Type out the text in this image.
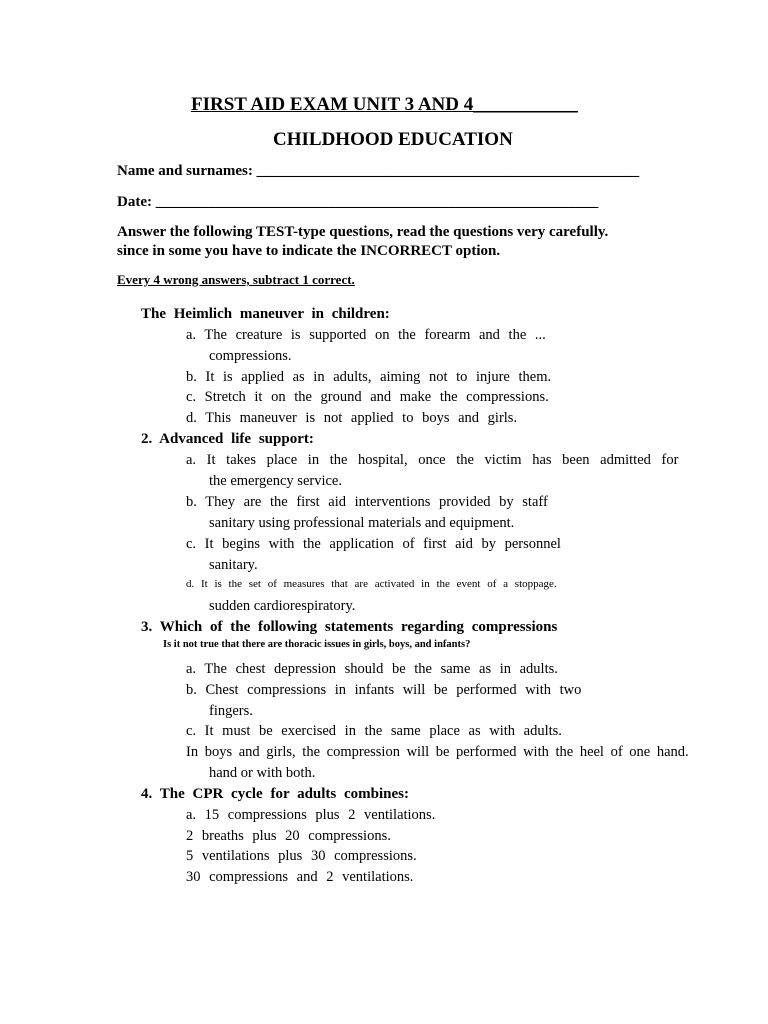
FIRST AID EXAM UNIT 3 AND 4___________
CHILDHOOD EDUCATION
Name and surnames: ___________________________________________________
Date: ___________________________________________________________
Answer the following TEST-type questions, read the questions very carefully.
since in some you have to indicate the INCORRECT option.
Every 4 wrong answers, subtract 1 correct.
The Heimlich maneuver in children:
a. The creature is supported on the forearm and the ...
compressions.
b. It is applied as in adults, aiming not to injure them.
c. Stretch it on the ground and make the compressions.
d. This maneuver is not applied to boys and girls.
2. Advanced life support:
a. It takes place in the hospital, once the victim has been admitted for
the emergency service.
b. They are the first aid interventions provided by staff
sanitary using professional materials and equipment.
c. It begins with the application of first aid by personnel
sanitary.
d. It is the set of measures that are activated in the event of a stoppage.
sudden cardiorespiratory.
3. Which of the following statements regarding compressions
Is it not true that there are thoracic issues in girls, boys, and infants?
a. The chest depression should be the same as in adults.
b. Chest compressions in infants will be performed with two
fingers.
c. It must be exercised in the same place as with adults.
In boys and girls, the compression will be performed with the heel of one hand.
hand or with both.
4. The CPR cycle for adults combines:
a. 15 compressions plus 2 ventilations.
2 breaths plus 20 compressions.
5 ventilations plus 30 compressions.
30 compressions and 2 ventilations.
